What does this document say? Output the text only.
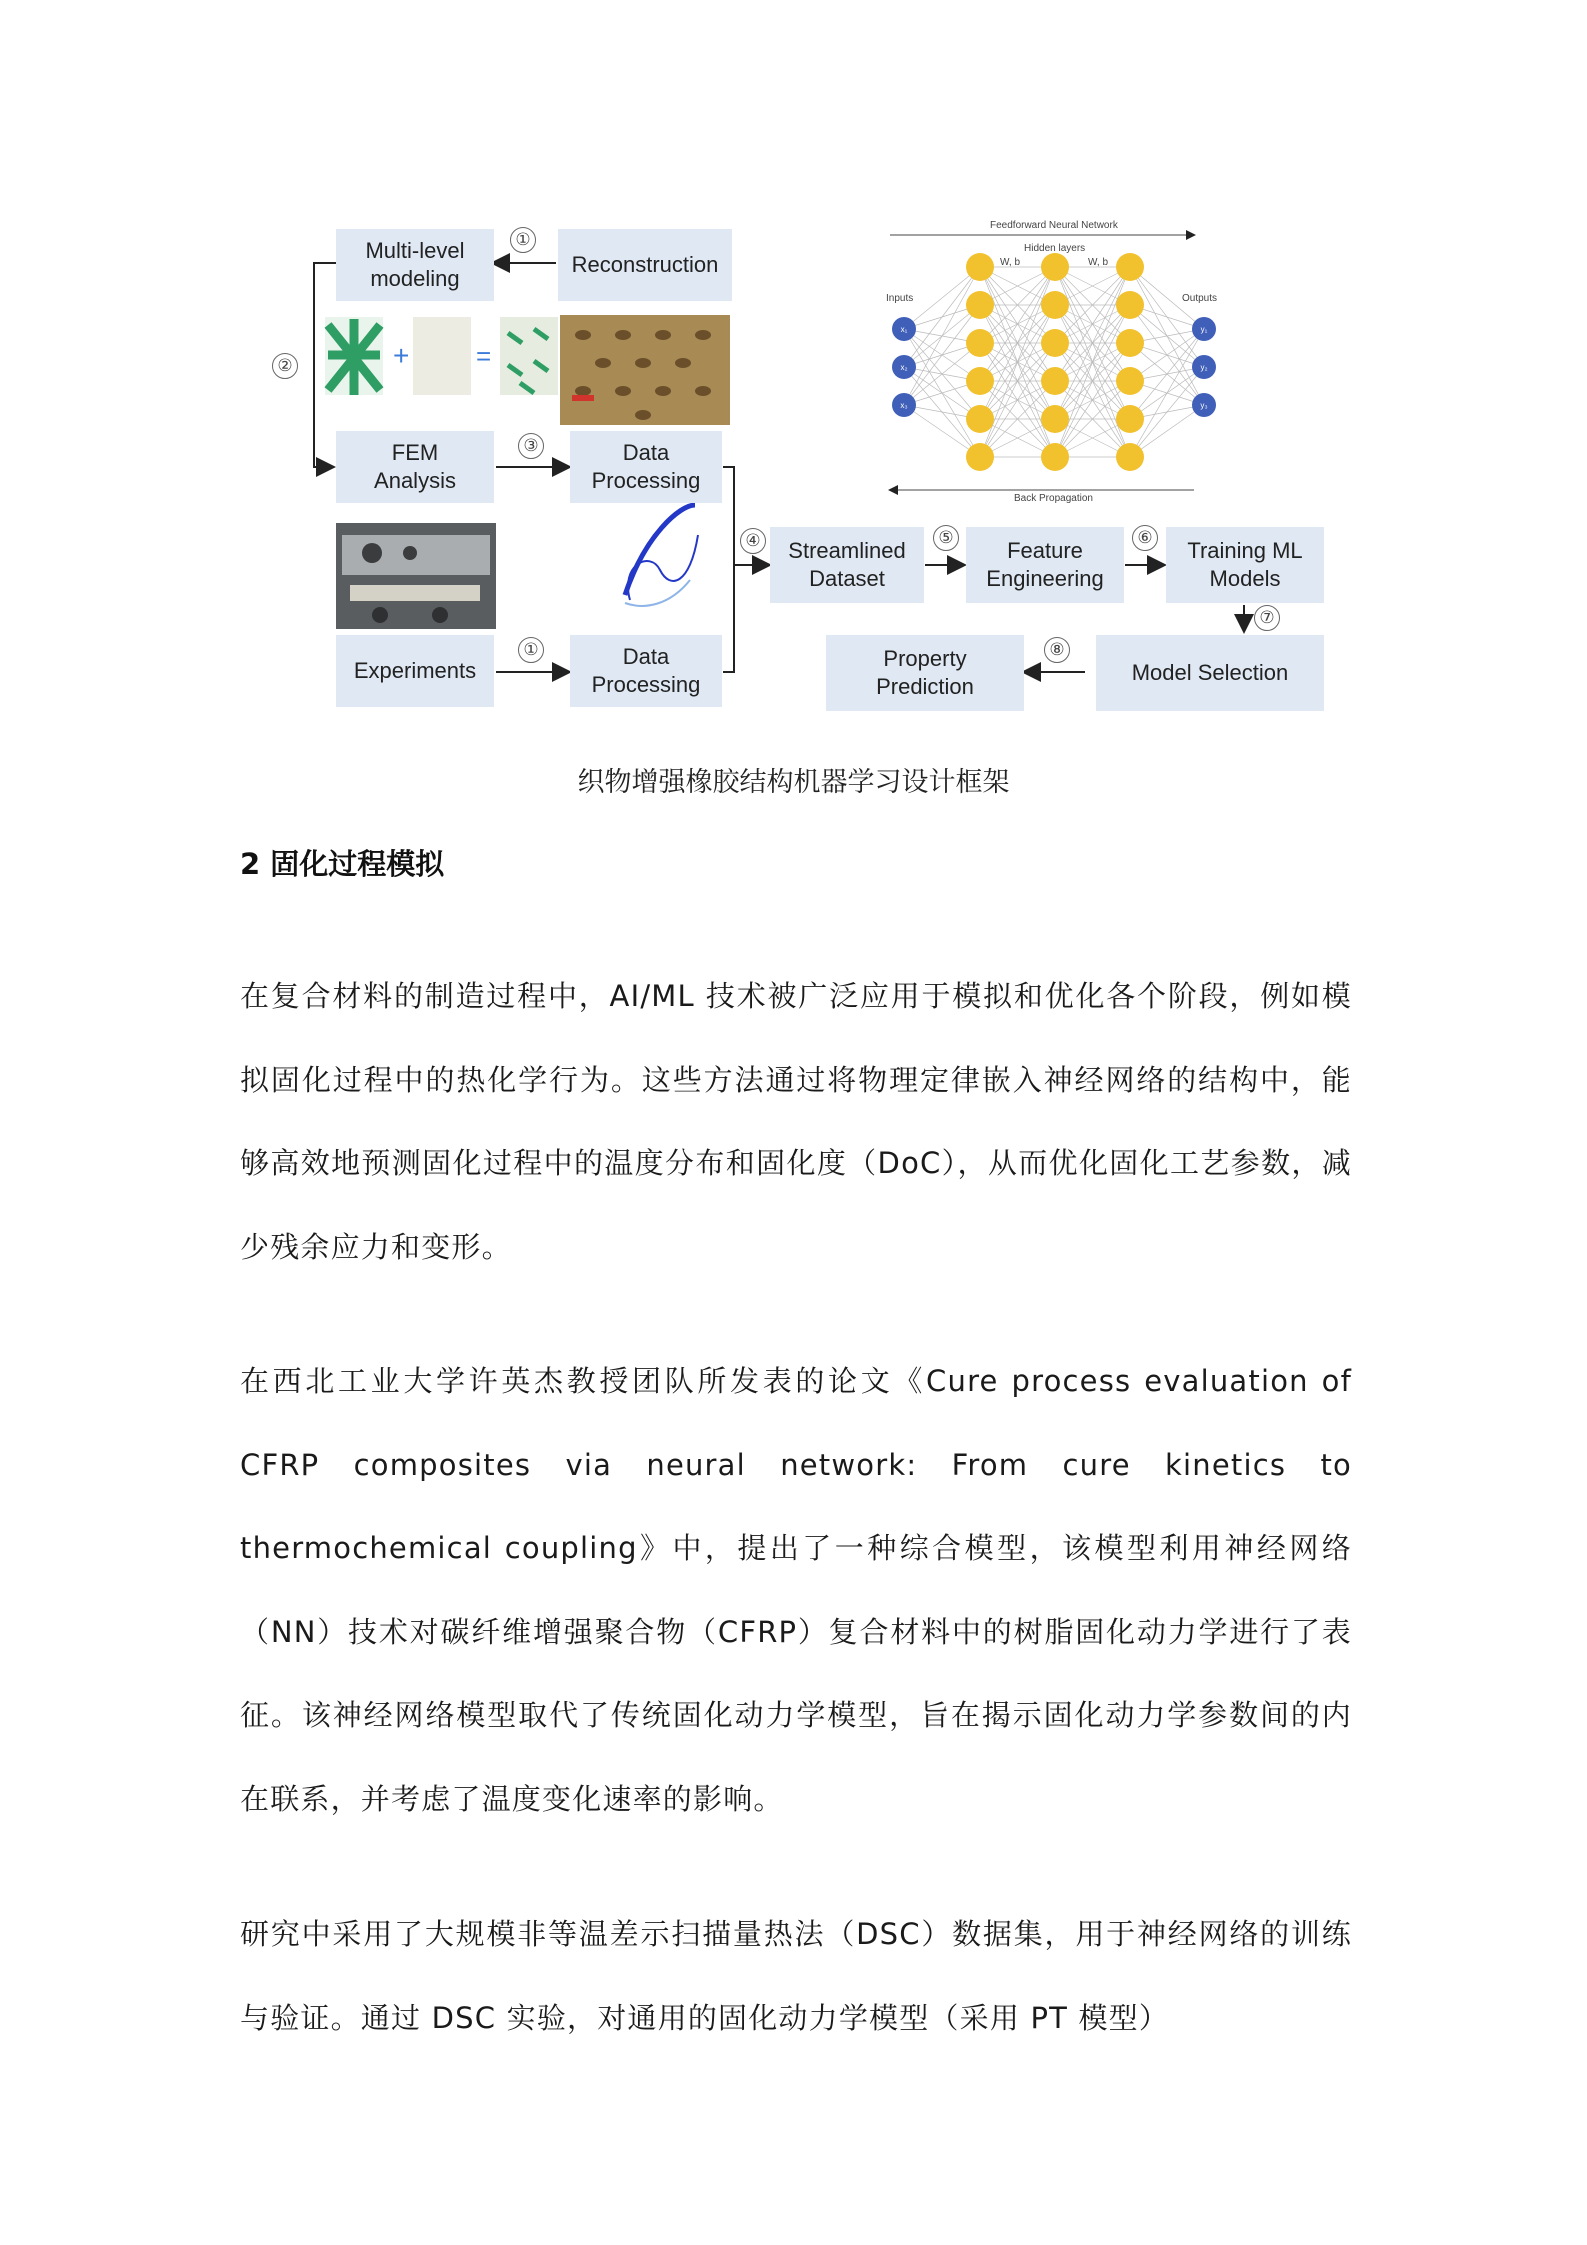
+	=
x₁
x₂
x₃
y₁
y₂
y₃
Multi-level
modeling
Reconstruction
FEM
Analysis
Data
Processing
Experiments
Data
Processing
Streamlined
Dataset
Feature
Engineering
Training ML
Models
Property
Prediction
Model Selection
①
②
③
①
④	⑤	⑥
⑦
⑧
Feedforward Neural Network
Hidden layers
W, b	W, b
Inputs	Outputs
Back Propagation
织物增强橡胶结构机器学习设计框架
2 固化过程模拟
在复合材料的制造过程中，AI/ML 技术被广泛应用于模拟和优化各个阶段，例如模拟固化过程中的热化学行为。这些方法通过将物理定律嵌入神经网络的结构中，能够高效地预测固化过程中的温度分布和固化度（DoC），从而优化固化工艺参数，减少残余应力和变形。
在西北工业大学许英杰教授团队所发表的论文《Cure process evaluation of CFRP composites via neural network: From cure kinetics to thermochemical coupling》中，提出了一种综合模型，该模型利用神经网络（NN）技术对碳纤维增强聚合物（CFRP）复合材料中的树脂固化动力学进行了表征。该神经网络模型取代了传统固化动力学模型，旨在揭示固化动力学参数间的内在联系，并考虑了温度变化速率的影响。
研究中采用了大规模非等温差示扫描量热法（DSC）数据集，用于神经网络的训练与验证。通过 DSC 实验，对通用的固化动力学模型（采用 PT 模型）
